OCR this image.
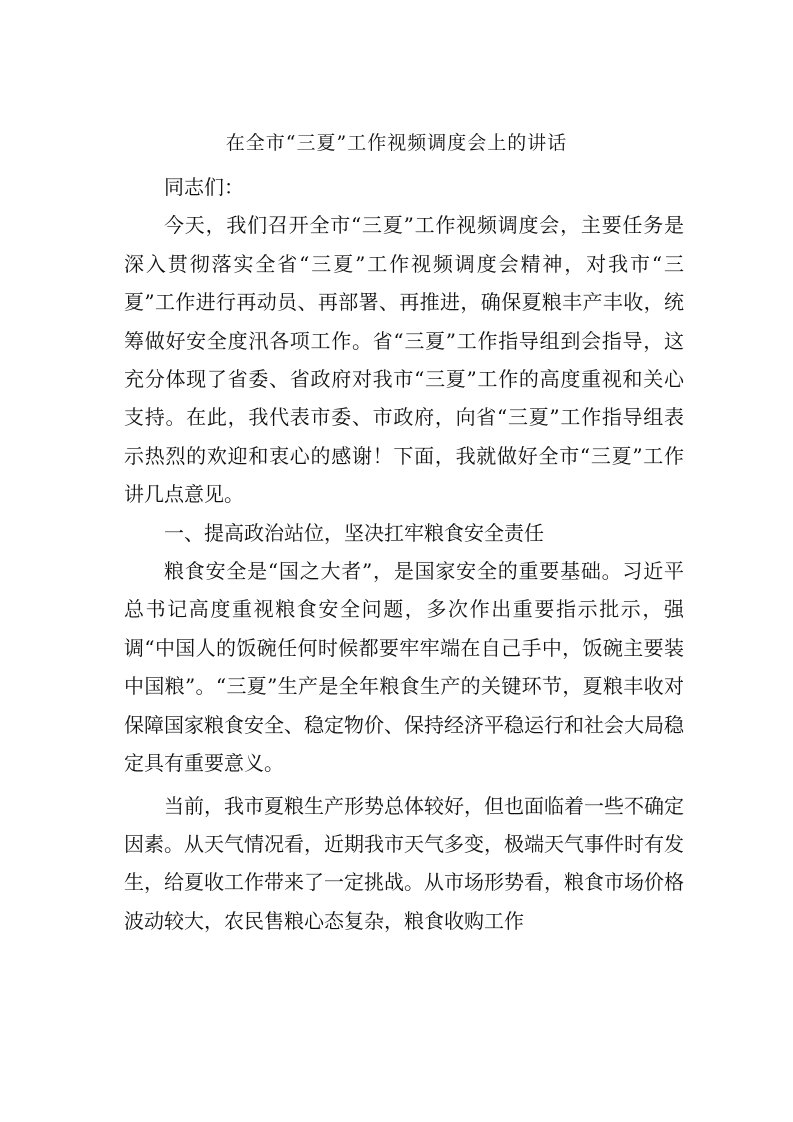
在全市“三夏”工作视频调度会上的讲话

同志们：

今天，我们召开全市“三夏”工作视频调度会，主要任务是深入贯彻落实全省“三夏”工作视频调度会精神，对我市“三夏”工作进行再动员、再部署、再推进，确保夏粮丰产丰收，统筹做好安全度汛各项工作。省“三夏”工作指导组到会指导，这充分体现了省委、省政府对我市“三夏”工作的高度重视和关心支持。在此，我代表市委、市政府，向省“三夏”工作指导组表示热烈的欢迎和衷心的感谢！下面，我就做好全市“三夏”工作讲几点意见。

一、提高政治站位，坚决扛牢粮食安全责任

粮食安全是“国之大者”，是国家安全的重要基础。习近平总书记高度重视粮食安全问题，多次作出重要指示批示，强调“中国人的饭碗任何时候都要牢牢端在自己手中，饭碗主要装中国粮”。“三夏”生产是全年粮食生产的关键环节，夏粮丰收对保障国家粮食安全、稳定物价、保持经济平稳运行和社会大局稳定具有重要意义。

当前，我市夏粮生产形势总体较好，但也面临着一些不确定因素。从天气情况看，近期我市天气多变，极端天气事件时有发生，给夏收工作带来了一定挑战。从市场形势看，粮食市场价格波动较大，农民售粮心态复杂，粮食收购工作
